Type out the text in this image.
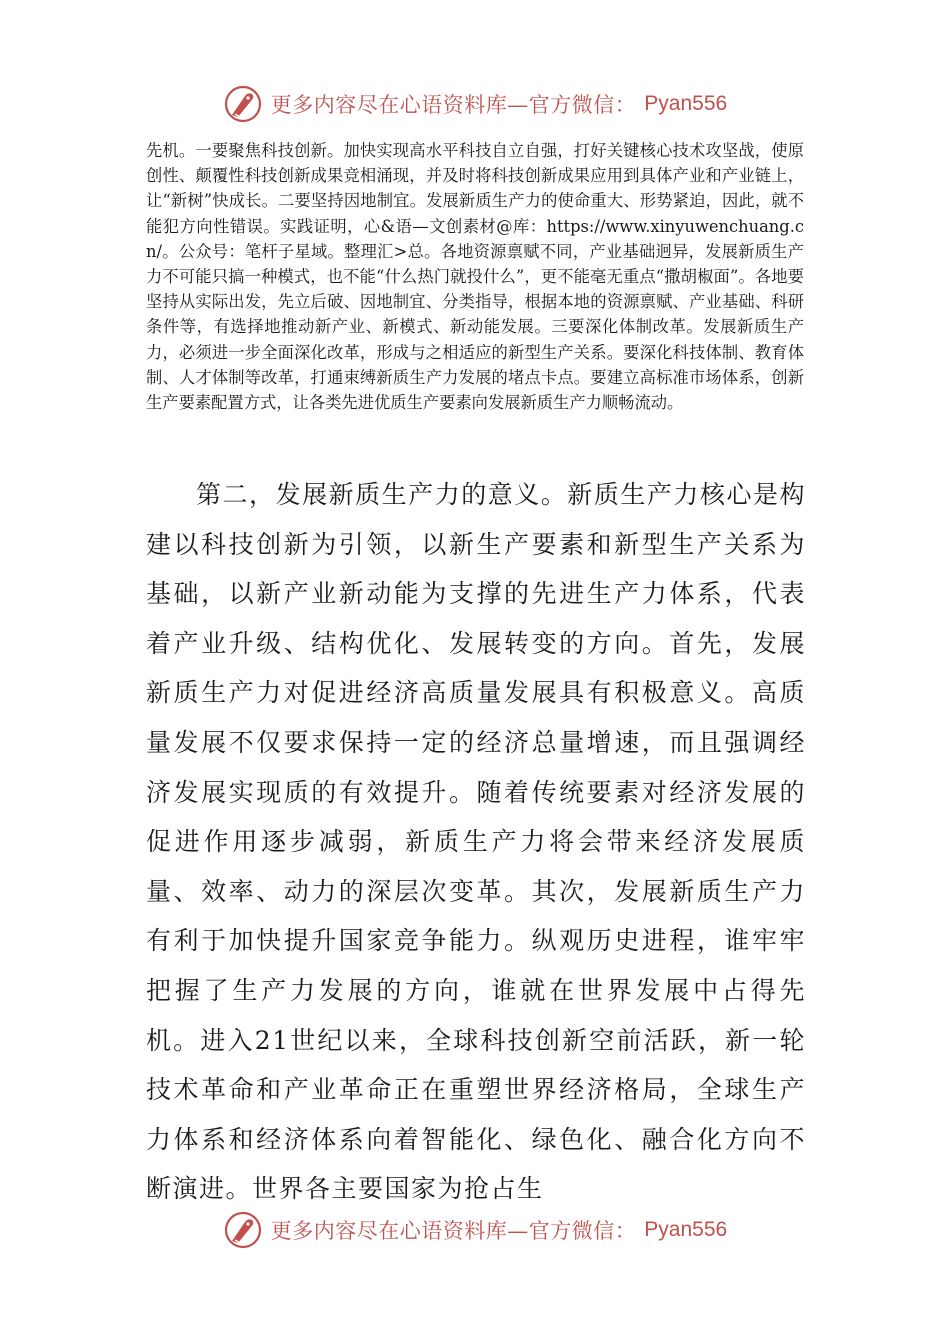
更多内容尽在心语资料库—官方微信： Pyan556

先机。一要聚焦科技创新。加快实现高水平科技自立自强，打好关键核心技术攻坚战，使原创性、颠覆性科技创新成果竞相涌现，并及时将科技创新成果应用到具体产业和产业链上，让“新树”快成长。二要坚持因地制宜。发展新质生产力的使命重大、形势紧迫，因此，就不能犯方向性错误。实践证明，心&语—文创素材@库：https://www.xinyuwenchuang.cn/。公众号：笔杆子星域。整理汇>总。各地资源禀赋不同，产业基础迥异，发展新质生产力不可能只搞一种模式，也不能“什么热门就投什么”，更不能毫无重点“撒胡椒面”。各地要坚持从实际出发，先立后破、因地制宜、分类指导，根据本地的资源禀赋、产业基础、科研条件等，有选择地推动新产业、新模式、新动能发展。三要深化体制改革。发展新质生产力，必须进一步全面深化改革，形成与之相适应的新型生产关系。要深化科技体制、教育体制、人才体制等改革，打通束缚新质生产力发展的堵点卡点。要建立高标准市场体系，创新生产要素配置方式，让各类先进优质生产要素向发展新质生产力顺畅流动。

第二，发展新质生产力的意义。新质生产力核心是构建以科技创新为引领，以新生产要素和新型生产关系为基础，以新产业新动能为支撑的先进生产力体系，代表着产业升级、结构优化、发展转变的方向。首先，发展新质生产力对促进经济高质量发展具有积极意义。高质量发展不仅要求保持一定的经济总量增速，而且强调经济发展实现质的有效提升。随着传统要素对经济发展的促进作用逐步减弱，新质生产力将会带来经济发展质量、效率、动力的深层次变革。其次，发展新质生产力有利于加快提升国家竞争能力。纵观历史进程，谁牢牢把握了生产力发展的方向，谁就在世界发展中占得先机。进入21世纪以来，全球科技创新空前活跃，新一轮技术革命和产业革命正在重塑世界经济格局，全球生产力体系和经济体系向着智能化、绿色化、融合化方向不断演进。世界各主要国家为抢占生

更多内容尽在心语资料库—官方微信： Pyan556
